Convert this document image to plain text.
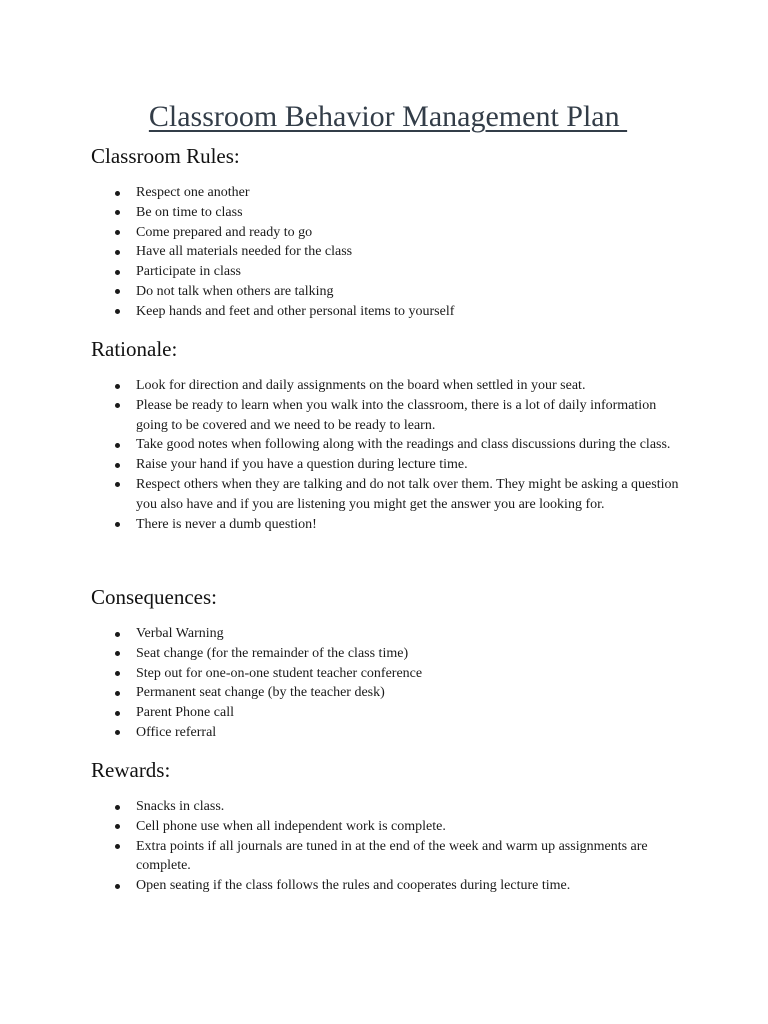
Classroom Behavior Management Plan
Classroom Rules:
Respect one another
Be on time to class
Come prepared and ready to go
Have all materials needed for the class
Participate in class
Do not talk when others are talking
Keep hands and feet and other personal items to yourself
Rationale:
Look for direction and daily assignments on the board when settled in your seat.
Please be ready to learn when you walk into the classroom, there is a lot of daily information going to be covered and we need to be ready to learn.
Take good notes when following along with the readings and class discussions during the class.
Raise your hand if you have a question during lecture time.
Respect others when they are talking and do not talk over them. They might be asking a question you also have and if you are listening you might get the answer you are looking for.
There is never a dumb question!
Consequences:
Verbal Warning
Seat change (for the remainder of the class time)
Step out for one-on-one student teacher conference
Permanent seat change (by the teacher desk)
Parent Phone call
Office referral
Rewards:
Snacks in class.
Cell phone use when all independent work is complete.
Extra points if all journals are tuned in at the end of the week and warm up assignments are complete.
Open seating if the class follows the rules and cooperates during lecture time.
